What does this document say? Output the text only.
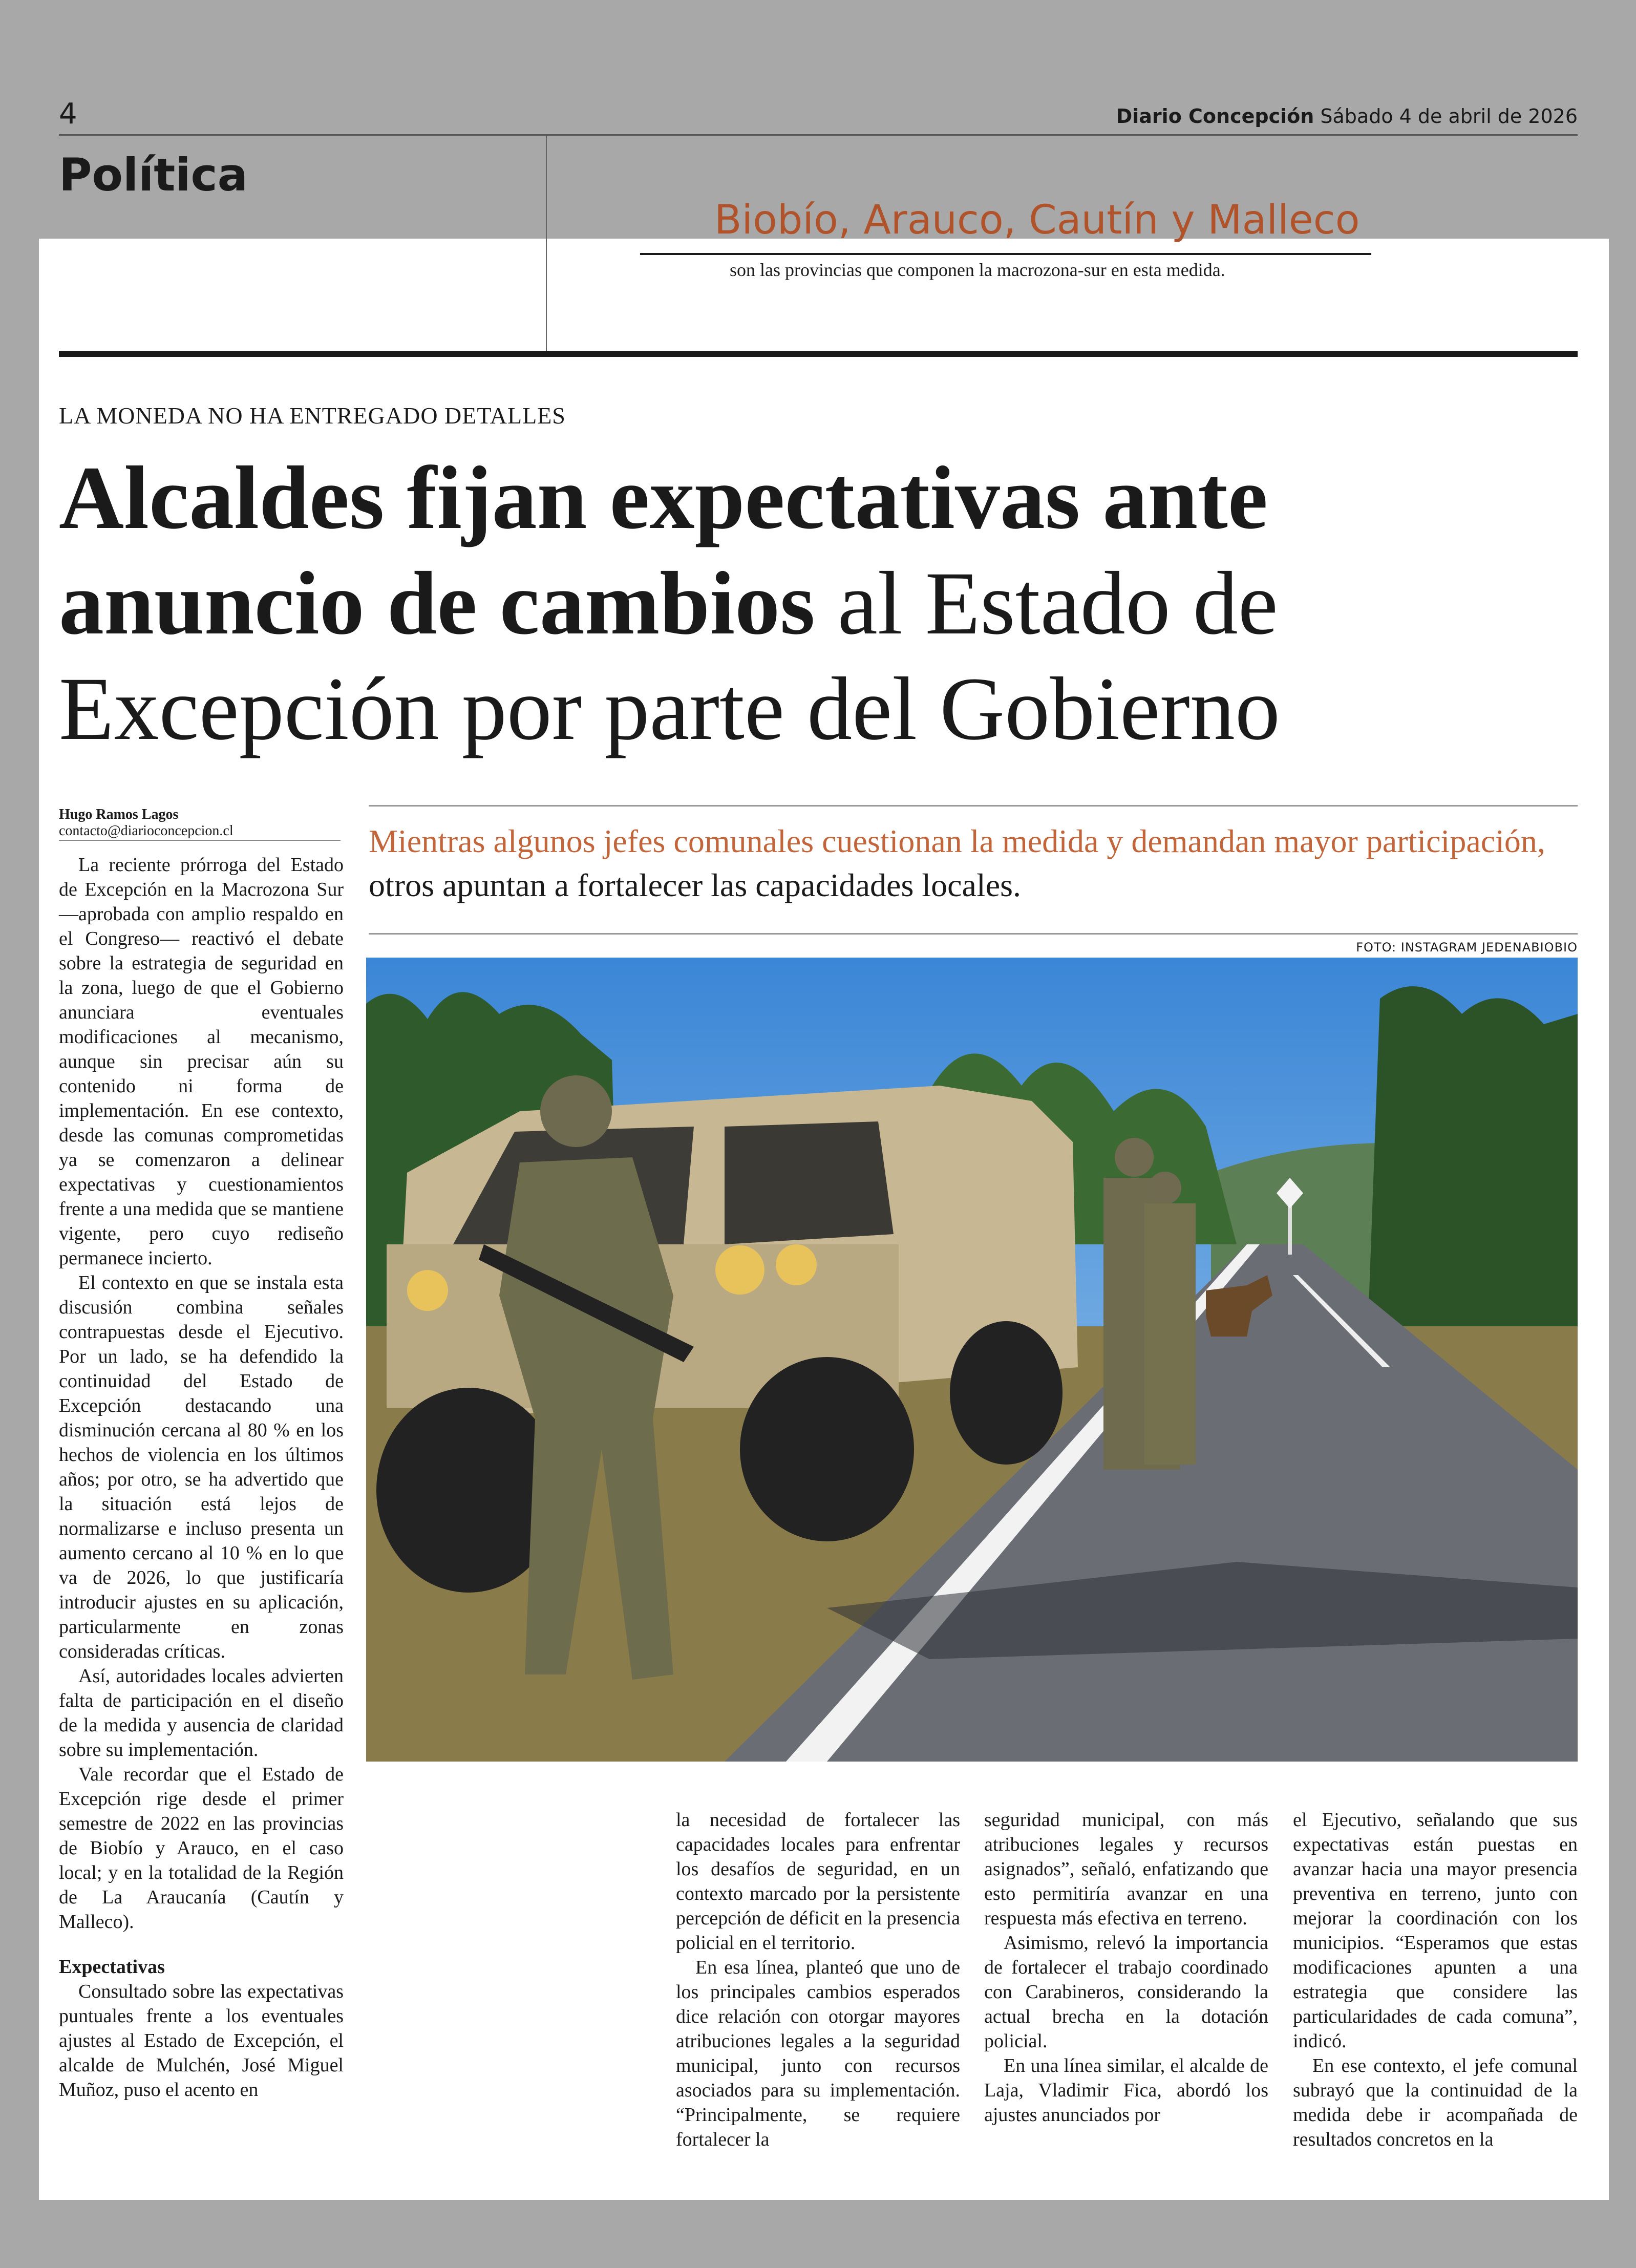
4	Diario Concepción Sábado 4 de abril de 2026
Política
Biobío, Arauco, Cautín y Malleco
son las provincias que componen la macrozona-sur en esta medida.
LA MONEDA NO HA ENTREGADO DETALLES
Alcaldes fijan expectativas ante anuncio de cambios al Estado de Excepción por parte del Gobierno
Hugo Ramos Lagos
contacto@diarioconcepcion.cl	Mientras algunos jefes comunales cuestionan la medida y demandan mayor participación, otros apuntan a fortalecer las capacidades locales.
FOTO: INSTAGRAM JEDENABIOBIO

La reciente prórroga del Estado de Excepción en la Macrozona Sur —aprobada con amplio respaldo en el Congreso— reactivó el debate sobre la estrategia de seguridad en la zona, luego de que el Gobierno anunciara eventuales modificaciones al mecanismo, aunque sin precisar aún su contenido ni forma de implementación. En ese contexto, desde las comunas comprometidas ya se comenzaron a delinear expectativas y cuestionamientos frente a una medida que se mantiene vigente, pero cuyo rediseño permanece incierto.

El contexto en que se instala esta discusión combina señales contrapuestas desde el Ejecutivo. Por un lado, se ha defendido la continuidad del Estado de Excepción destacando una disminución cercana al 80 % en los hechos de violencia en los últimos años; por otro, se ha advertido que la situación está lejos de normalizarse e incluso presenta un aumento cercano al 10 % en lo que va de 2026, lo que justificaría introducir ajustes en su aplicación, particularmente en zonas consideradas críticas.

Así, autoridades locales advierten falta de participación en el diseño de la medida y ausencia de claridad sobre su implementación.

Vale recordar que el Estado de Excepción rige desde el primer semestre de 2022 en las provincias de Biobío y Arauco, en el caso local; y en la totalidad de la Región de La Araucanía (Cautín y Malleco).

Expectativas

Consultado sobre las expectativas puntuales frente a los eventuales ajustes al Estado de Excepción, el alcalde de Mulchén, José Miguel Muñoz, puso el acento en

la necesidad de fortalecer las capacidades locales para enfrentar los desafíos de seguridad, en un contexto marcado por la persistente percepción de déficit en la presencia policial en el territorio.

En esa línea, planteó que uno de los principales cambios esperados dice relación con otorgar mayores atribuciones legales a la seguridad municipal, junto con recursos asociados para su implementación. “Principalmente, se requiere fortalecer la

seguridad municipal, con más atribuciones legales y recursos asignados”, señaló, enfatizando que esto permitiría avanzar en una respuesta más efectiva en terreno.

Asimismo, relevó la importancia de fortalecer el trabajo coordinado con Carabineros, considerando la actual brecha en la dotación policial.

En una línea similar, el alcalde de Laja, Vladimir Fica, abordó los ajustes anunciados por

el Ejecutivo, señalando que sus expectativas están puestas en avanzar hacia una mayor presencia preventiva en terreno, junto con mejorar la coordinación con los municipios. “Esperamos que estas modificaciones apunten a una estrategia que considere las particularidades de cada comuna”, indicó.

En ese contexto, el jefe comunal subrayó que la continuidad de la medida debe ir acompañada de resultados concretos en la
